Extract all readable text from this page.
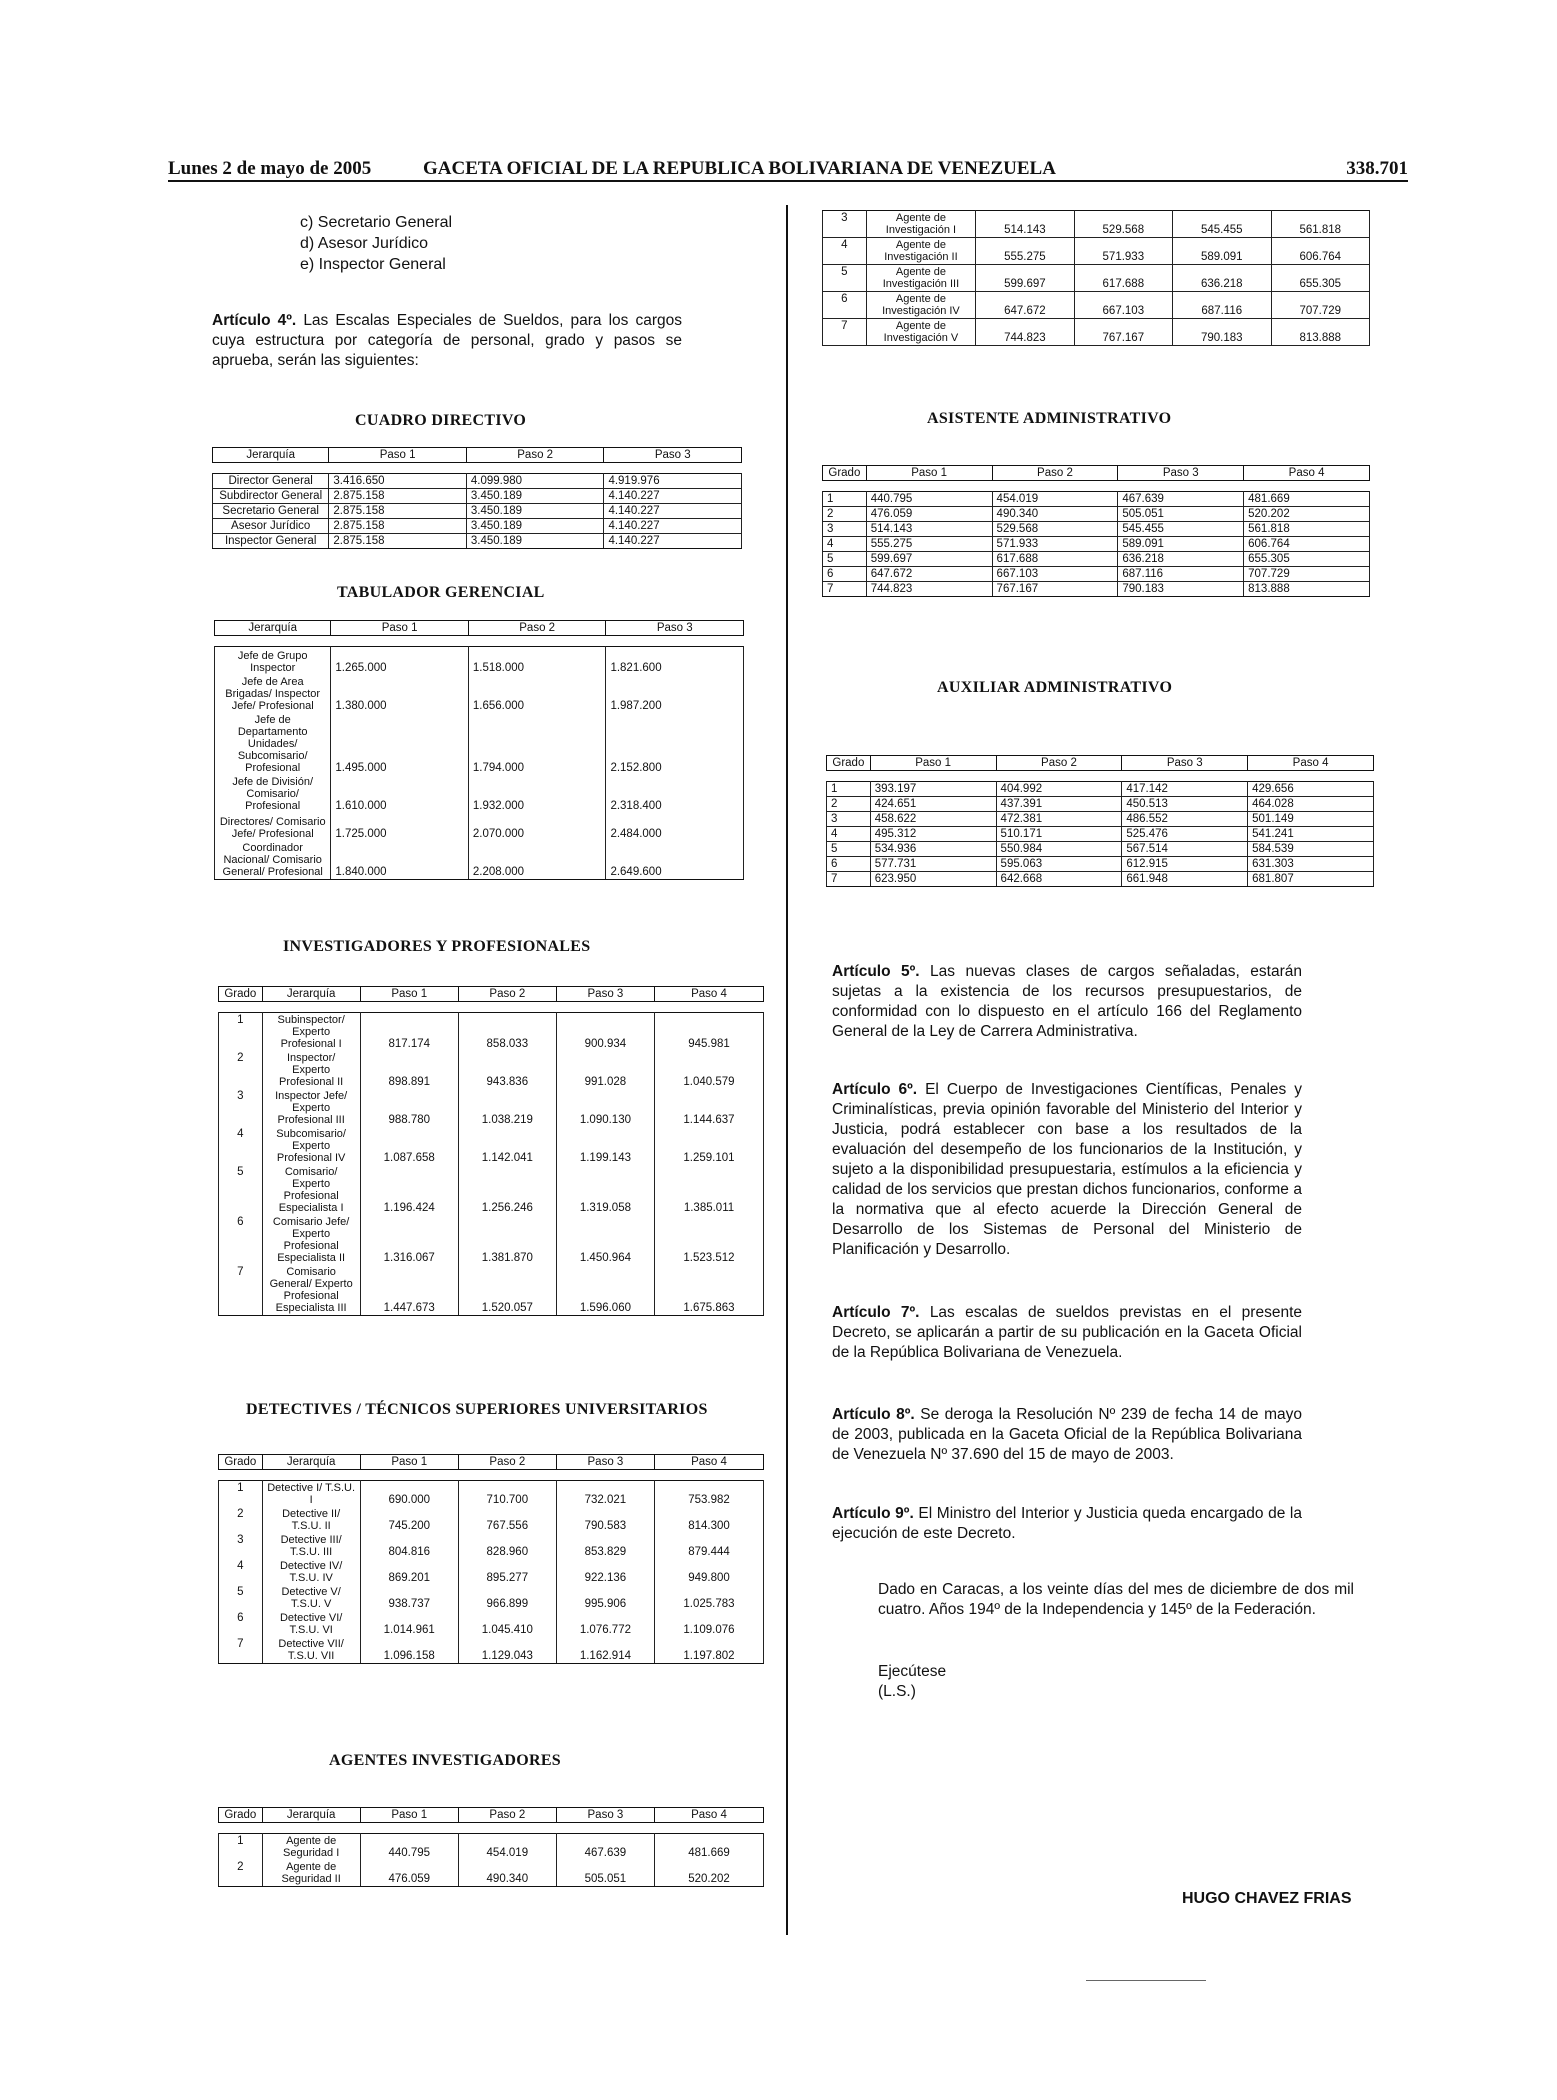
Lunes 2 de mayo de 2005	GACETA OFICIAL DE LA REPUBLICA BOLIVARIANA DE VENEZUELA	338.701
c) Secretario General
d) Asesor Jurídico
e) Inspector General
Artículo 4º. Las Escalas Especiales de Sueldos, para los cargos cuya estructura por categoría de personal, grado y pasos se aprueba, serán las siguientes:
CUADRO DIRECTIVO
Jerarquía	Paso 1	Paso 2	Paso 3

Director General	3.416.650	4.099.980	4.919.976
Subdirector General	2.875.158	3.450.189	4.140.227
Secretario General	2.875.158	3.450.189	4.140.227
Asesor Jurídico	2.875.158	3.450.189	4.140.227
Inspector General	2.875.158	3.450.189	4.140.227
TABULADOR GERENCIAL
Jerarquía	Paso 1	Paso 2	Paso 3

Jefe de Grupo Inspector	1.265.000	1.518.000	1.821.600
Jefe de Area Brigadas/ Inspector Jefe/ Profesional	1.380.000	1.656.000	1.987.200
Jefe de Departamento Unidades/ Subcomisario/ Profesional	1.495.000	1.794.000	2.152.800
Jefe de División/ Comisario/ Profesional	1.610.000	1.932.000	2.318.400
Directores/ Comisario Jefe/ Profesional	1.725.000	2.070.000	2.484.000
Coordinador Nacional/ Comisario General/ Profesional	1.840.000	2.208.000	2.649.600
INVESTIGADORES Y PROFESIONALES
Grado	Jerarquía	Paso 1	Paso 2	Paso 3	Paso 4

1	Subinspector/ Experto Profesional I	817.174	858.033	900.934	945.981
2	Inspector/ Experto Profesional II	898.891	943.836	991.028	1.040.579
3	Inspector Jefe/ Experto Profesional III	988.780	1.038.219	1.090.130	1.144.637
4	Subcomisario/ Experto Profesional IV	1.087.658	1.142.041	1.199.143	1.259.101
5	Comisario/ Experto Profesional Especialista I	1.196.424	1.256.246	1.319.058	1.385.011
6	Comisario Jefe/ Experto Profesional Especialista II	1.316.067	1.381.870	1.450.964	1.523.512
7	Comisario General/ Experto Profesional Especialista III	1.447.673	1.520.057	1.596.060	1.675.863
DETECTIVES / TÉCNICOS SUPERIORES UNIVERSITARIOS
Grado	Jerarquía	Paso 1	Paso 2	Paso 3	Paso 4

1	Detective I/ T.S.U. I	690.000	710.700	732.021	753.982
2	Detective II/ T.S.U. II	745.200	767.556	790.583	814.300
3	Detective III/ T.S.U. III	804.816	828.960	853.829	879.444
4	Detective IV/ T.S.U. IV	869.201	895.277	922.136	949.800
5	Detective V/ T.S.U. V	938.737	966.899	995.906	1.025.783
6	Detective VI/ T.S.U. VI	1.014.961	1.045.410	1.076.772	1.109.076
7	Detective VII/ T.S.U. VII	1.096.158	1.129.043	1.162.914	1.197.802
AGENTES INVESTIGADORES
Grado	Jerarquía	Paso 1	Paso 2	Paso 3	Paso 4

1	Agente de Seguridad I	440.795	454.019	467.639	481.669
2	Agente de Seguridad II	476.059	490.340	505.051	520.202
3	Agente de Investigación I	514.143	529.568	545.455	561.818
4	Agente de Investigación II	555.275	571.933	589.091	606.764
5	Agente de Investigación III	599.697	617.688	636.218	655.305
6	Agente de Investigación IV	647.672	667.103	687.116	707.729
7	Agente de Investigación V	744.823	767.167	790.183	813.888
ASISTENTE ADMINISTRATIVO
Grado	Paso 1	Paso 2	Paso 3	Paso 4

1	440.795	454.019	467.639	481.669
2	476.059	490.340	505.051	520.202
3	514.143	529.568	545.455	561.818
4	555.275	571.933	589.091	606.764
5	599.697	617.688	636.218	655.305
6	647.672	667.103	687.116	707.729
7	744.823	767.167	790.183	813.888
AUXILIAR ADMINISTRATIVO
Grado	Paso 1	Paso 2	Paso 3	Paso 4

1	393.197	404.992	417.142	429.656
2	424.651	437.391	450.513	464.028
3	458.622	472.381	486.552	501.149
4	495.312	510.171	525.476	541.241
5	534.936	550.984	567.514	584.539
6	577.731	595.063	612.915	631.303
7	623.950	642.668	661.948	681.807
Artículo 5º. Las nuevas clases de cargos señaladas, estarán sujetas a la existencia de los recursos presupuestarios, de conformidad con lo dispuesto en el artículo 166 del Reglamento General de la Ley de Carrera Administrativa.
Artículo 6º. El Cuerpo de Investigaciones Científicas, Penales y Criminalísticas, previa opinión favorable del Ministerio del Interior y Justicia, podrá establecer con base a los resultados de la evaluación del desempeño de los funcionarios de la Institución, y sujeto a la disponibilidad presupuestaria, estímulos a la eficiencia y calidad de los servicios que prestan dichos funcionarios, conforme a la normativa que al efecto acuerde la Dirección General de Desarrollo de los Sistemas de Personal del Ministerio de Planificación y Desarrollo.
Artículo 7º. Las escalas de sueldos previstas en el presente Decreto, se aplicarán a partir de su publicación en la Gaceta Oficial de la República Bolivariana de Venezuela.
Artículo 8º. Se deroga la Resolución Nº 239 de fecha 14 de mayo de 2003, publicada en la Gaceta Oficial de la República Bolivariana de Venezuela Nº 37.690 del 15 de mayo de 2003.
Artículo 9º. El Ministro del Interior y Justicia queda encargado de la ejecución de este Decreto.
Dado en Caracas, a los veinte días del mes de diciembre de dos mil cuatro. Años 194º de la Independencia y 145º de la Federación.
Ejecútese
(L.S.)
HUGO CHAVEZ FRIAS
